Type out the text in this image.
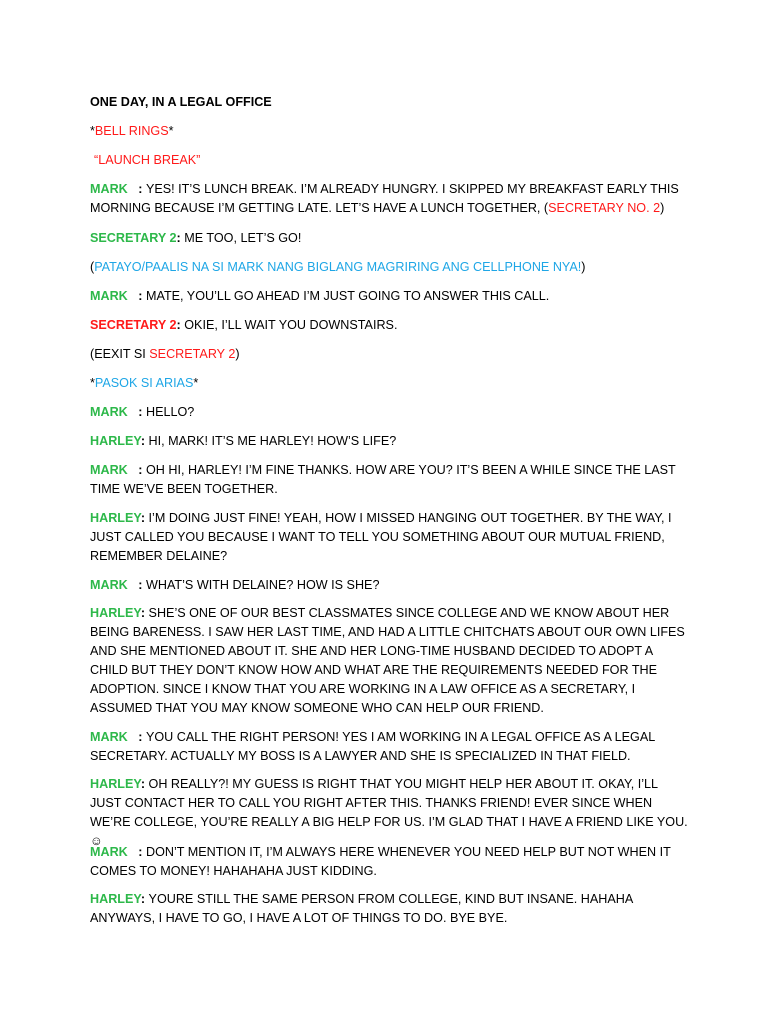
ONE DAY, IN A LEGAL OFFICE

*BELL RINGS*

“LAUNCH BREAK”

MARK   : YES! IT’S LUNCH BREAK. I’M ALREADY HUNGRY. I SKIPPED MY BREAKFAST EARLY THIS MORNING BECAUSE I’M GETTING LATE. LET’S HAVE A LUNCH TOGETHER, (SECRETARY NO. 2)

SECRETARY 2: ME TOO, LET’S GO!

(PATAYO/PAALIS NA SI MARK NANG BIGLANG MAGRIRING ANG CELLPHONE NYA!)

MARK   : MATE, YOU’LL GO AHEAD I’M JUST GOING TO ANSWER THIS CALL.

SECRETARY 2: OKIE, I’LL WAIT YOU DOWNSTAIRS.

(EEXIT SI SECRETARY 2)

*PASOK SI ARIAS*

MARK   : HELLO?

HARLEY: HI, MARK! IT’S ME HARLEY! HOW’S LIFE?

MARK   : OH HI, HARLEY! I’M FINE THANKS. HOW ARE YOU? IT’S BEEN A WHILE SINCE THE LAST TIME WE’VE BEEN TOGETHER.

HARLEY: I’M DOING JUST FINE! YEAH, HOW I MISSED HANGING OUT TOGETHER. BY THE WAY, I JUST CALLED YOU BECAUSE I WANT TO TELL YOU SOMETHING ABOUT OUR MUTUAL FRIEND, REMEMBER DELAINE?

MARK   : WHAT’S WITH DELAINE? HOW IS SHE?

HARLEY: SHE’S ONE OF OUR BEST CLASSMATES SINCE COLLEGE AND WE KNOW ABOUT HER BEING BARENESS. I SAW HER LAST TIME, AND HAD A LITTLE CHITCHATS ABOUT OUR OWN LIFES AND SHE MENTIONED ABOUT IT. SHE AND HER LONG-TIME HUSBAND DECIDED TO ADOPT A CHILD BUT THEY DON’T KNOW HOW AND WHAT ARE THE REQUIREMENTS NEEDED FOR THE ADOPTION. SINCE I KNOW THAT YOU ARE WORKING IN A LAW OFFICE AS A SECRETARY, I ASSUMED THAT YOU MAY KNOW SOMEONE WHO CAN HELP OUR FRIEND.

MARK   : YOU CALL THE RIGHT PERSON! YES I AM WORKING IN A LEGAL OFFICE AS A LEGAL SECRETARY. ACTUALLY MY BOSS IS A LAWYER AND SHE IS SPECIALIZED IN THAT FIELD.

HARLEY: OH REALLY?! MY GUESS IS RIGHT THAT YOU MIGHT HELP HER ABOUT IT. OKAY, I’LL JUST CONTACT HER TO CALL YOU RIGHT AFTER THIS. THANKS FRIEND! EVER SINCE WHEN WE’RE COLLEGE, YOU’RE REALLY A BIG HELP FOR US. I’M GLAD THAT I HAVE A FRIEND LIKE YOU. ☺

MARK   : DON’T MENTION IT, I’M ALWAYS HERE WHENEVER YOU NEED HELP BUT NOT WHEN IT COMES TO MONEY! HAHAHAHA JUST KIDDING.

HARLEY: YOURE STILL THE SAME PERSON FROM COLLEGE, KIND BUT INSANE. HAHAHA ANYWAYS, I HAVE TO GO, I HAVE A LOT OF THINGS TO DO. BYE BYE.
